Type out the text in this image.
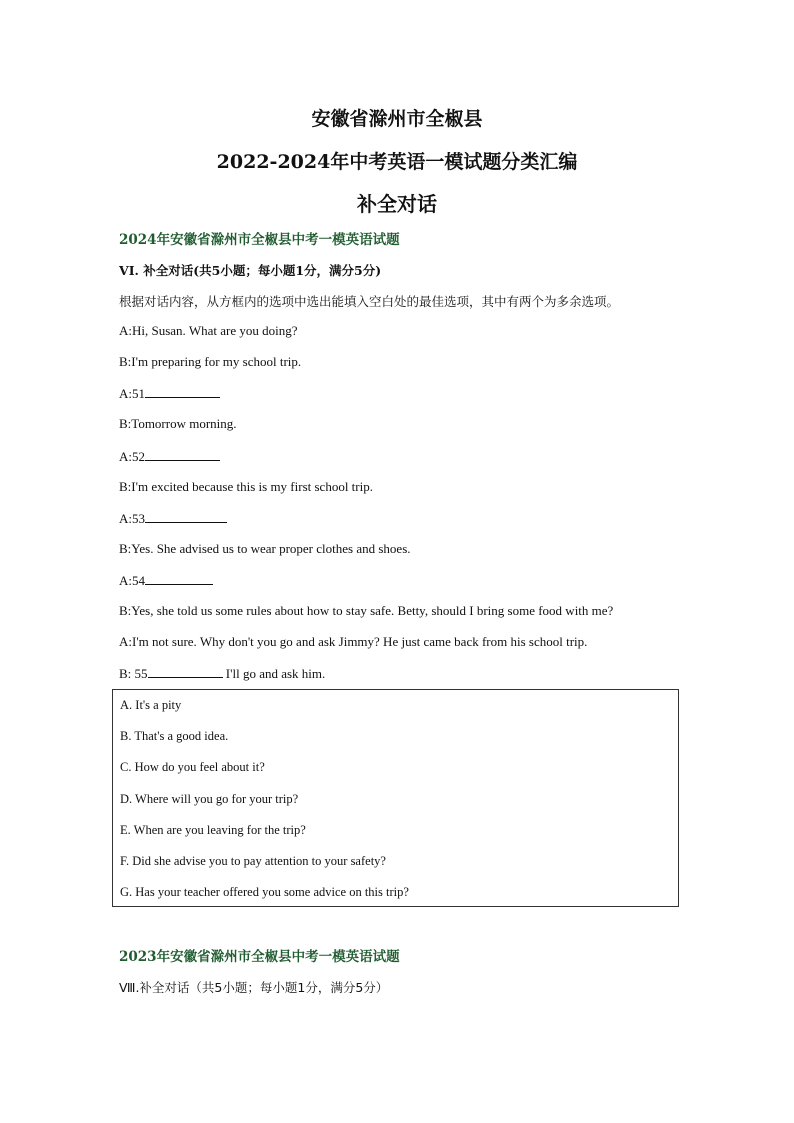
安徽省滁州市全椒县
2022-2024年中考英语一模试题分类汇编
补全对话
2024年安徽省滁州市全椒县中考一模英语试题
VI. 补全对话(共5小题；每小题1分，满分5分)
根据对话内容，从方框内的选项中选出能填入空白处的最佳选项，其中有两个为多余选项。
A:Hi, Susan. What are you doing?
B:I'm preparing for my school trip.
A:51
B:Tomorrow morning.
A:52
B:I'm excited because this is my first school trip.
A:53
B:Yes. She advised us to wear proper clothes and shoes.
A:54
B:Yes, she told us some rules about how to stay safe. Betty, should I bring some food with me?
A:I'm not sure. Why don't you go and ask Jimmy? He just came back from his school trip.
B: 55	I'll go and ask him.
A. It's a pity
B. That's a good idea.
C. How do you feel about it?
D. Where will you go for your trip?
E. When are you leaving for the trip?
F. Did she advise you to pay attention to your safety?
G. Has your teacher offered you some advice on this trip?
2023年安徽省滁州市全椒县中考一模英语试题
Ⅷ.补全对话（共5小题；每小题1分，满分5分）
